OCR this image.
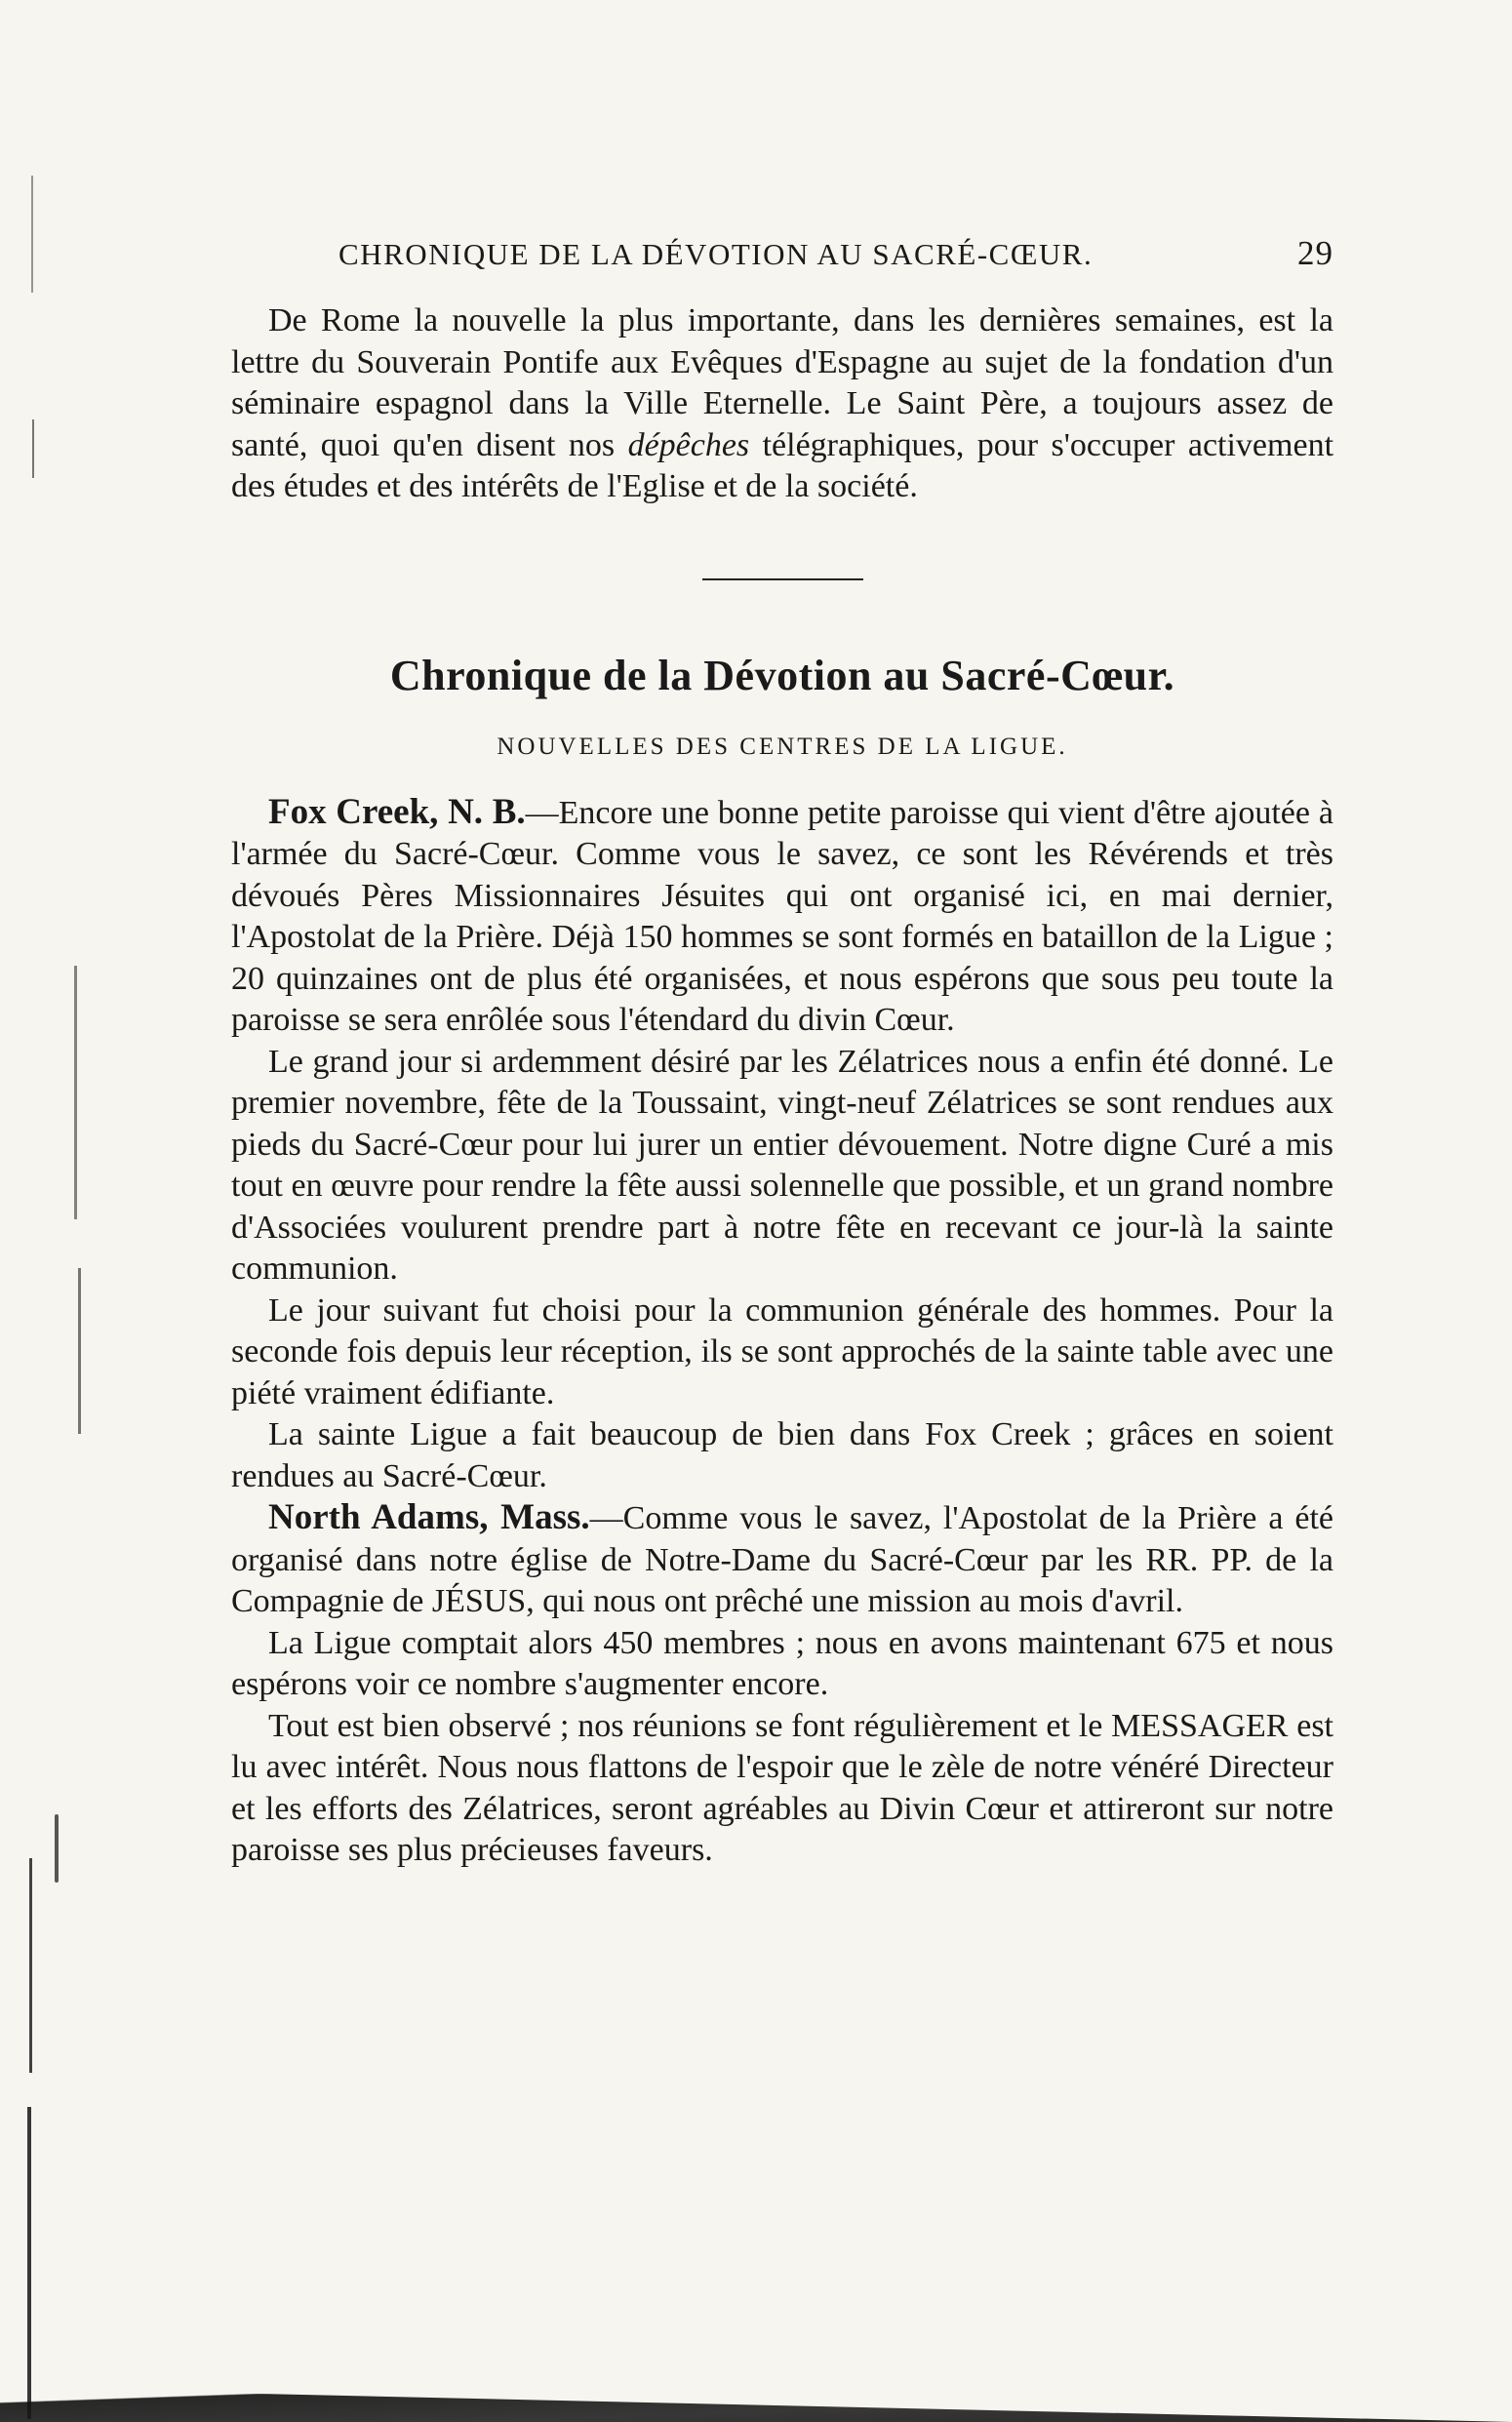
CHRONIQUE DE LA DÉVOTION AU SACRÉ-CŒUR.	29

De Rome la nouvelle la plus importante, dans les dernières semaines, est la lettre du Souverain Pontife aux Evêques d'Espagne au sujet de la fondation d'un séminaire espagnol dans la Ville Eternelle. Le Saint Père, a toujours assez de santé, quoi qu'en disent nos dépêches télégraphiques, pour s'occuper activement des études et des intérêts de l'Eglise et de la société.

Chronique de la Dévotion au Sacré-Cœur.
NOUVELLES DES CENTRES DE LA LIGUE.

Fox Creek, N. B.—Encore une bonne petite paroisse qui vient d'être ajoutée à l'armée du Sacré-Cœur. Comme vous le savez, ce sont les Révérends et très dévoués Pères Missionnaires Jésuites qui ont organisé ici, en mai dernier, l'Apostolat de la Prière. Déjà 150 hommes se sont formés en bataillon de la Ligue ; 20 quinzaines ont de plus été organisées, et nous espérons que sous peu toute la paroisse se sera enrôlée sous l'étendard du divin Cœur.

Le grand jour si ardemment désiré par les Zélatrices nous a enfin été donné. Le premier novembre, fête de la Toussaint, vingt-neuf Zélatrices se sont rendues aux pieds du Sacré-Cœur pour lui jurer un entier dévouement. Notre digne Curé a mis tout en œuvre pour rendre la fête aussi solennelle que possible, et un grand nombre d'Associées voulurent prendre part à notre fête en recevant ce jour-là la sainte communion.

Le jour suivant fut choisi pour la communion générale des hommes. Pour la seconde fois depuis leur réception, ils se sont approchés de la sainte table avec une piété vraiment édifiante.

La sainte Ligue a fait beaucoup de bien dans Fox Creek ; grâces en soient rendues au Sacré-Cœur.

North Adams, Mass.—Comme vous le savez, l'Apostolat de la Prière a été organisé dans notre église de Notre-Dame du Sacré-Cœur par les RR. PP. de la Compagnie de JÉSUS, qui nous ont prêché une mission au mois d'avril.

La Ligue comptait alors 450 membres ; nous en avons maintenant 675 et nous espérons voir ce nombre s'augmenter encore.

Tout est bien observé ; nos réunions se font régulièrement et le MESSAGER est lu avec intérêt. Nous nous flattons de l'espoir que le zèle de notre vénéré Directeur et les efforts des Zélatrices, seront agréables au Divin Cœur et attireront sur notre paroisse ses plus précieuses faveurs.
